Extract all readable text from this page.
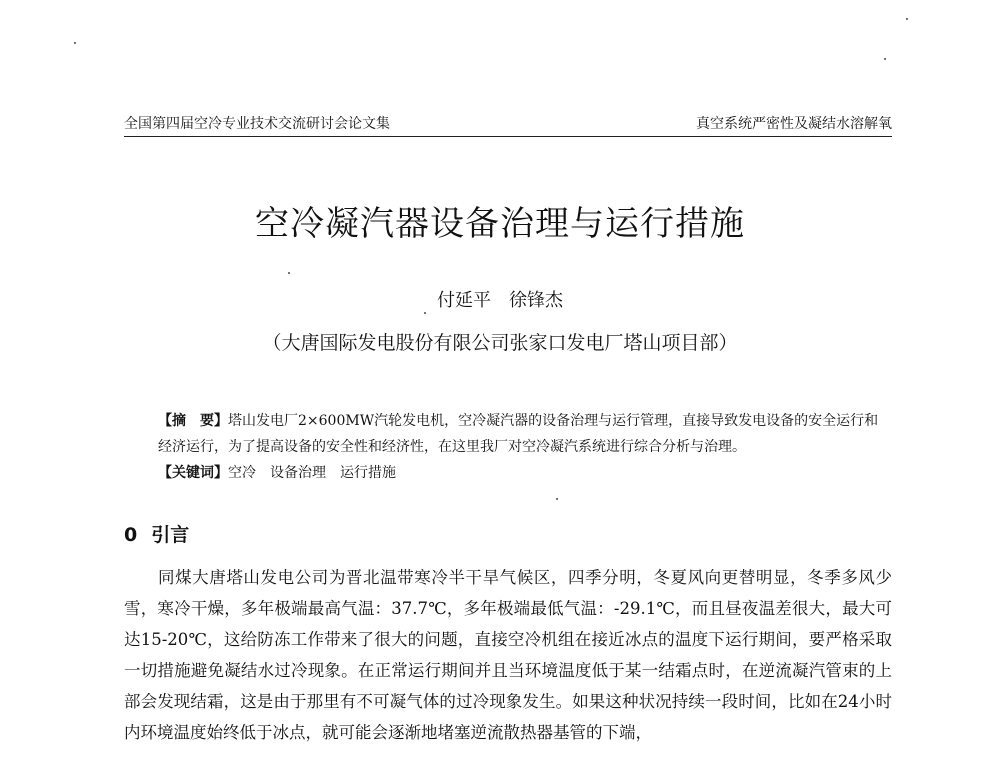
全国第四届空冷专业技术交流研讨会论文集	真空系统严密性及凝结水溶解氧
空冷凝汽器设备治理与运行措施
付延平 徐锋杰
（大唐国际发电股份有限公司张家口发电厂塔山项目部）

【摘　要】塔山发电厂2×600MW汽轮发电机，空冷凝汽器的设备治理与运行管理，直接导致发电设备的安全运行和经济运行，为了提高设备的安全性和经济性，在这里我厂对空冷凝汽系统进行综合分析与治理。

【关键词】空冷　设备治理　运行措施

0 引言

同煤大唐塔山发电公司为晋北温带寒冷半干旱气候区，四季分明，冬夏风向更替明显，冬季多风少雪，寒冷干燥，多年极端最高气温：37.7℃，多年极端最低气温：-29.1℃，而且昼夜温差很大，最大可达15-20℃，这给防冻工作带来了很大的问题，直接空冷机组在接近冰点的温度下运行期间，要严格采取一切措施避免凝结水过冷现象。在正常运行期间并且当环境温度低于某一结霜点时，在逆流凝汽管束的上部会发现结霜，这是由于那里有不可凝气体的过冷现象发生。如果这种状况持续一段时间，比如在24小时内环境温度始终低于冰点，就可能会逐渐地堵塞逆流散热器基管的下端，
